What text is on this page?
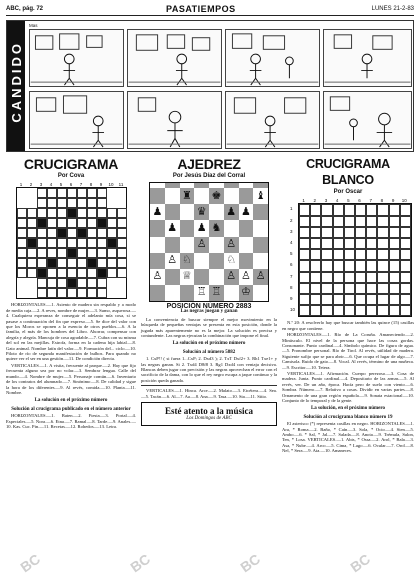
ABC, pág. 72	PASATIEMPOS	LUNES 21-2-83
CANDIDO
Mas
CRUCIGRAMA
Por Cova
1	2	3	4	5	6	7	8	9	10	11

HORIZONTALES.—1. Asiento de madera sin respaldo y a modo de media caja.—2. A reves, nombre de mujer.—3. Sumo, asquerosa.—4. Cualquiera esperanza de conseguir el adelanto mía cosa, si se pasase a continuación del fin que expreso.—5. Se dice del valor con que los Moros se oponen a la esencia de otros pueblos.—6. A la familia, el más de los hombres del Libro. Ahorrar, compensar con alegría y alegría. Mancuja de cosa agradable.—7. Cubra con su misma del sol en las mejillas. Estrofa, forma en la cadena hija labial.—8. Gato animal. Nombre latín del valor.—9. Formación del... ciclo.—10. Piloto de río de segunda manifestación de bulbos. Para quando no quiere ver el ser en una gestión.—11. De condición directa.

VERTICALES.—1. A visita, frecuente al parque.—2. Hay que fijo frecuenta alguno sea por no volar.—3. Sembrar lengua. Calle del mundo.—4. Nombre de mujer.—5. Personaje común.—6. Inventario de los contratos del alumnado.—7. Sinónimo.—8. De calidad y sigue la hora de los diferentes.—9. Al revés, comida.—10. Planta.—11. Nombre.

La solución en el próximo número
Solución al crucigrama publicado en el número anterior

HORIZONTALES.—1. Baten.—2. Fiesta.—3. Portal.—4. Especiales.—5. Nora.—6. Etna.—7. Ramal.—8. Tarde.—9. Anales.—10. Kas. Cuc. Pin.—11. Recetas.—12. Rohedos.—13. Letra.

AJEDREZ
Por Jesús Díaz del Corral
♜ ♚	♝
♟	♛ ♟ ♟
♟ ♟ ♞
♙ ♙
♙ ♘	♘
♙ ♕	♙ ♙ ♙
♖ ♖ ♔
POSICIÓN NÚMERO 2883
Las negras juegan y ganan

La conveniencia de buscar siempre el mejor movimiento en la búsqueda de pequeñas ventajas se presenta en esta posición, donde la jugada más aparentemente no es la mejor. La solución es precisa y contundente. Las negras ejecutan la combinación que impone el final.

La solución en el próximo número
Solución al número 5882

1. CxP!! ( si fuera 1...CxP; 2. Dxd3 ); 2. TxT Dxf2+ 3. Rh1 Txe1+ y las negras ganan. Si 2. Txd4 D8f8 3. Rg1 Dxd4 con ventaja decisiva. Blancas deben jugar con precisión y las negras aprovechan el error con el sacrificio de la dama, con lo que el rey negro escapa a jaque continuo y la posición queda ganada.

VERTICALES.—1. Hinca. Arce.—2. Malato.—3. Etcétera.—4. Sea.—5. Tacán.—6. Al—7. Aa.—8. Ana.—9. Tasa.—10. Sta.—11. Sitio.

Esté atento a la música
Los Domingos de ABC
CRUCIGRAMA BLANCO
Por Oscar
1	2	3	4	5	6	7	8	9	10
1
2
3
4
5
6
7
8
9
10

N.º 20: A resolverlo hay que buscar también las quince (15) casillas en negro que contiene.

HORIZONTALES.—1. Río de La Coruña. Amaneciendo.—2. Minúsculo. El nivel de la persona que hace las cosas gordas. Consonante. Punto cardinal.—4. Símbolo químico. De figura de agua.—5. Pronombre personal. Río de Tirol. Al revés, utilidad de madera. Siguiente sufijo que se para abrir.—6. Que ocupa el lugar de algo.—7. Camisola. Ruido de gato.—8. Vocal. Al revés, término de una muñeca.—9. Escritor.—10. Tetera.

VERTICALES.—1. Afirmación. Cuerpo perezoso.—3. Cosa de madera. Junta. Punto cardinal.—4. Depositario de las armas.—5. Al revés, ver. De un año, época. Hacía pero de suelo con viento.—6. Sombra. Número.—7. Relativo a cosas. Dividir en varias partes.—8. Ornamento de una gran región española.—9. Sonata estacional.—10. Conjunto de lo temporal y de la gente.

La solución, en el próximo número
Solución al crucigrama blanco número 19

El asterisco (*) representa casillas en negro. HORIZONTALES.—1. Ara, * Roma.—2. Baño, * Caín.—3. Sola, * Ocio.—4. Sien.—5. Ambo.—6. * Sal, * Jal.—7. Salada.—8. Anota.—9. Trémula, Salon, Ten, * Losa. VERTICALES.—1. Abis, * Ossa.—2. Arol, * Bala.—3. Asa, * Nube.—4. Arco.—5. Cima, * Lago.—6. Ocular.—7. Orol.—8. Nel, * Sera.—9. Ata.—10. Amaneces.

BC	BC	BC	BC
